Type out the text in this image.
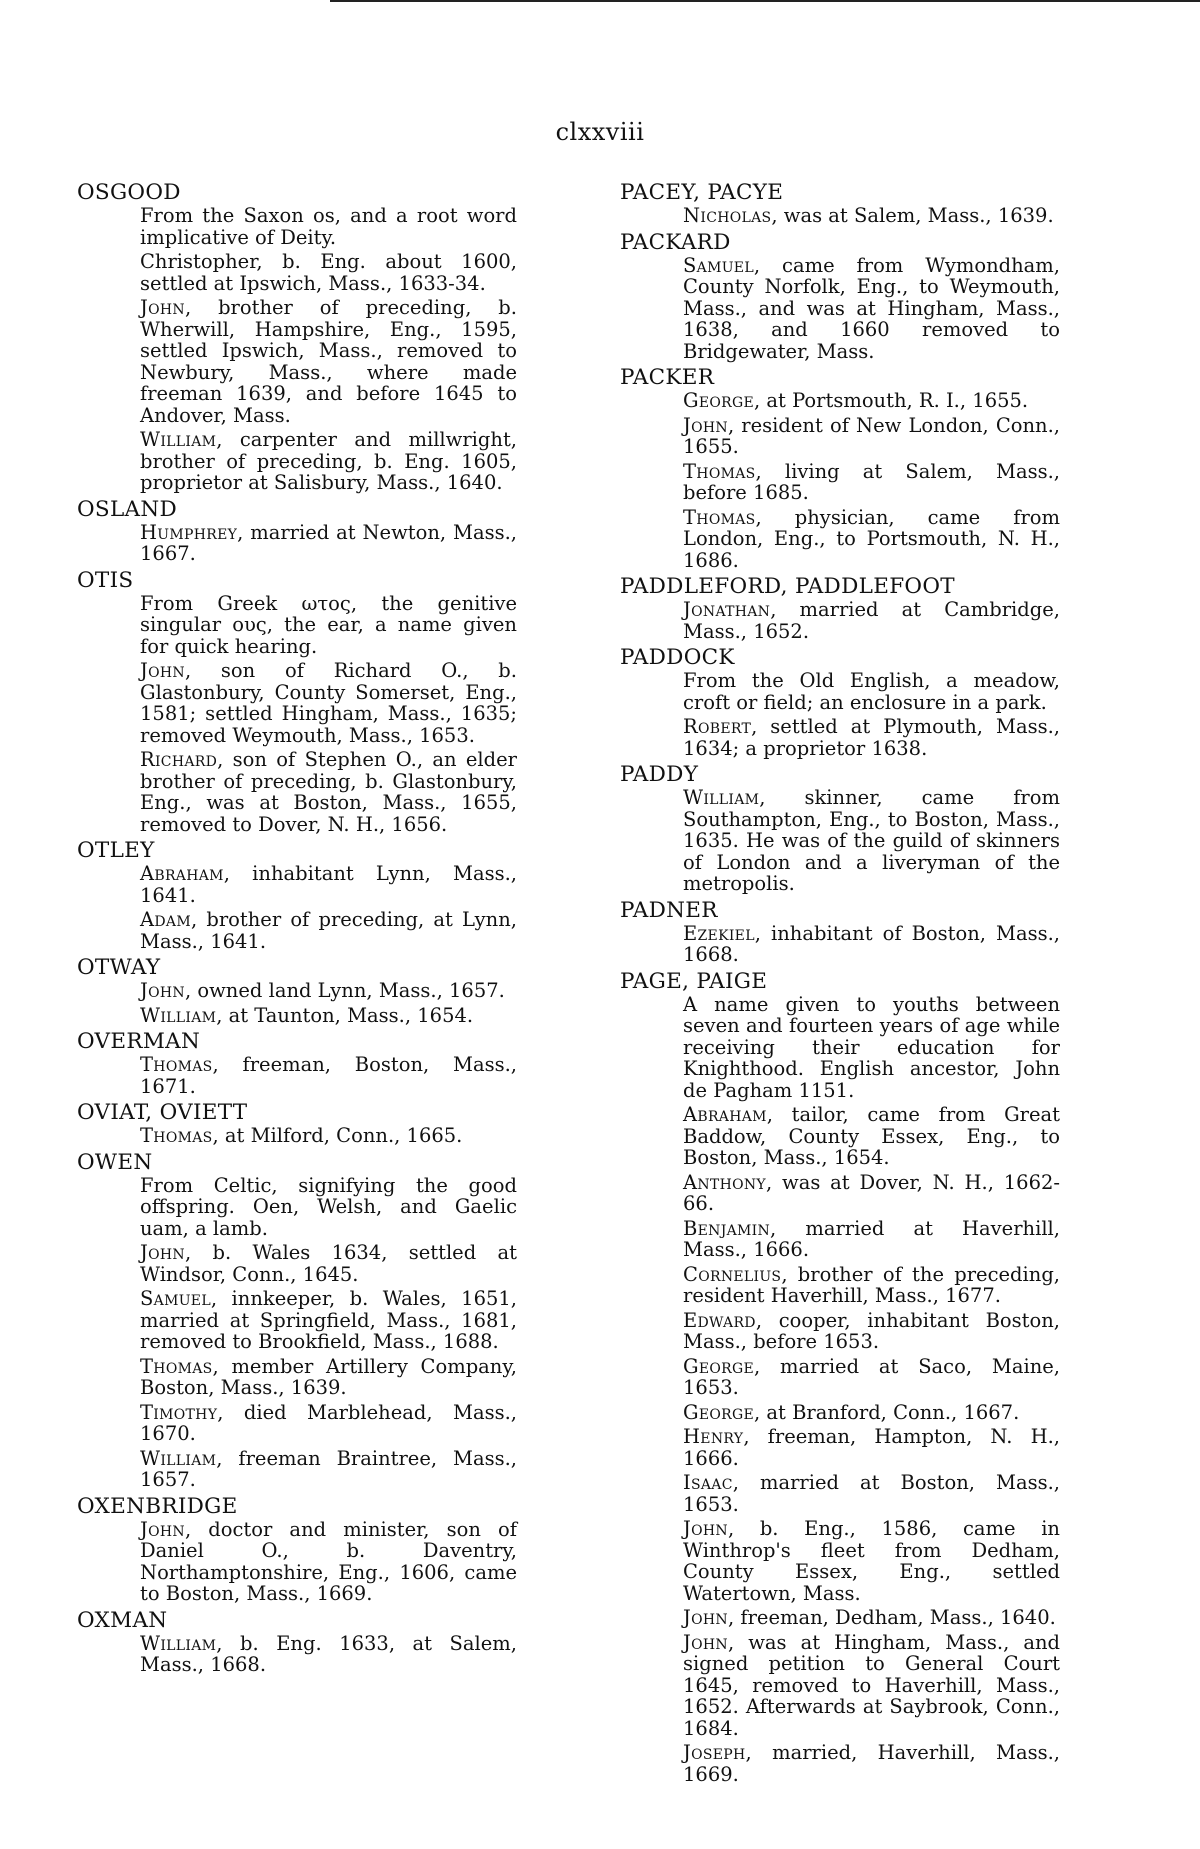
clxxviii
OSGOOD
From the Saxon os, and a root word implicative of Deity.
Christopher, b. Eng. about 1600, settled at Ipswich, Mass., 1633-34.
John, brother of preceding, b. Wherwill, Hampshire, Eng., 1595, settled Ipswich, Mass., removed to Newbury, Mass., where made freeman 1639, and before 1645 to Andover, Mass.
William, carpenter and millwright, brother of preceding, b. Eng. 1605, proprietor at Salisbury, Mass., 1640.
OSLAND
Humphrey, married at Newton, Mass., 1667.
OTIS
From Greek ωτος, the genitive singular ους, the ear, a name given for quick hearing.
John, son of Richard O., b. Glastonbury, County Somerset, Eng., 1581; settled Hingham, Mass., 1635; removed Weymouth, Mass., 1653.
Richard, son of Stephen O., an elder brother of preceding, b. Glastonbury, Eng., was at Boston, Mass., 1655, removed to Dover, N. H., 1656.
OTLEY
Abraham, inhabitant Lynn, Mass., 1641.
Adam, brother of preceding, at Lynn, Mass., 1641.
OTWAY
John, owned land Lynn, Mass., 1657.
William, at Taunton, Mass., 1654.
OVERMAN
Thomas, freeman, Boston, Mass., 1671.
OVIAT, OVIETT
Thomas, at Milford, Conn., 1665.
OWEN
From Celtic, signifying the good offspring. Oen, Welsh, and Gaelic uam, a lamb.
John, b. Wales 1634, settled at Windsor, Conn., 1645.
Samuel, innkeeper, b. Wales, 1651, married at Springfield, Mass., 1681, removed to Brookfield, Mass., 1688.
Thomas, member Artillery Company, Boston, Mass., 1639.
Timothy, died Marblehead, Mass., 1670.
William, freeman Braintree, Mass., 1657.
OXENBRIDGE
John, doctor and minister, son of Daniel O., b. Daventry, Northamptonshire, Eng., 1606, came to Boston, Mass., 1669.
OXMAN
William, b. Eng. 1633, at Salem, Mass., 1668.
PACEY, PACYE
Nicholas, was at Salem, Mass., 1639.
PACKARD
Samuel, came from Wymondham, County Norfolk, Eng., to Weymouth, Mass., and was at Hingham, Mass., 1638, and 1660 removed to Bridgewater, Mass.
PACKER
George, at Portsmouth, R. I., 1655.
John, resident of New London, Conn., 1655.
Thomas, living at Salem, Mass., before 1685.
Thomas, physician, came from London, Eng., to Portsmouth, N. H., 1686.
PADDLEFORD, PADDLEFOOT
Jonathan, married at Cambridge, Mass., 1652.
PADDOCK
From the Old English, a meadow, croft or field; an enclosure in a park.
Robert, settled at Plymouth, Mass., 1634; a proprietor 1638.
PADDY
William, skinner, came from Southampton, Eng., to Boston, Mass., 1635. He was of the guild of skinners of London and a liveryman of the metropolis.
PADNER
Ezekiel, inhabitant of Boston, Mass., 1668.
PAGE, PAIGE
A name given to youths between seven and fourteen years of age while receiving their education for Knighthood. English ancestor, John de Pagham 1151.
Abraham, tailor, came from Great Baddow, County Essex, Eng., to Boston, Mass., 1654.
Anthony, was at Dover, N. H., 1662-66.
Benjamin, married at Haverhill, Mass., 1666.
Cornelius, brother of the preceding, resident Haverhill, Mass., 1677.
Edward, cooper, inhabitant Boston, Mass., before 1653.
George, married at Saco, Maine, 1653.
George, at Branford, Conn., 1667.
Henry, freeman, Hampton, N. H., 1666.
Isaac, married at Boston, Mass., 1653.
John, b. Eng., 1586, came in Winthrop's fleet from Dedham, County Essex, Eng., settled Watertown, Mass.
John, freeman, Dedham, Mass., 1640.
John, was at Hingham, Mass., and signed petition to General Court 1645, removed to Haverhill, Mass., 1652. Afterwards at Saybrook, Conn., 1684.
Joseph, married, Haverhill, Mass., 1669.
